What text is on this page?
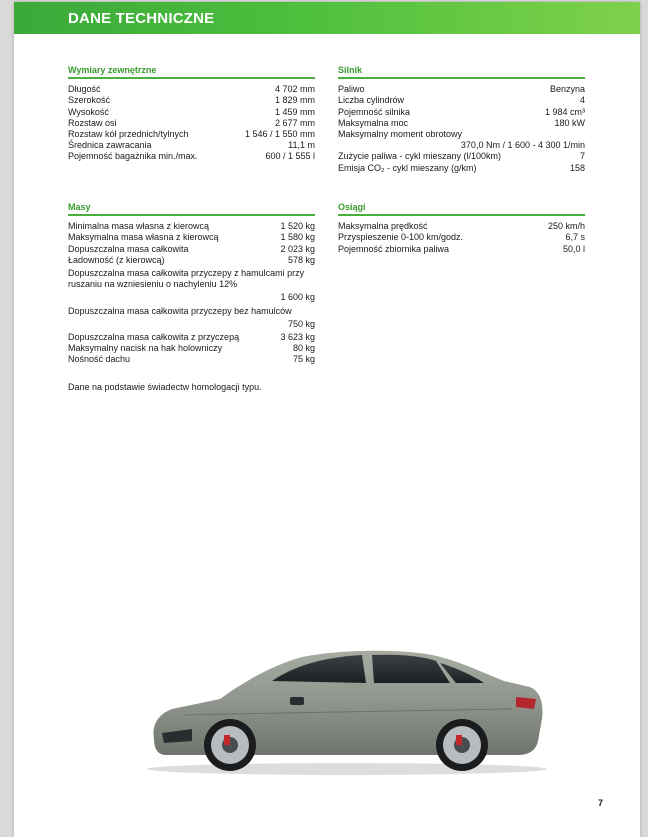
DANE TECHNICZNE
Wymiary zewnętrzne
Długość	4 702 mm
Szerokość	1 829 mm
Wysokość	1 459 mm
Rozstaw osi	2 677 mm
Rozstaw kół przednich/tylnych	1 546 / 1 550 mm
Średnica zawracania	11,1 m
Pojemność bagażnika min./max.	600 / 1 555 l
Silnik
Paliwo	Benzyna
Liczba cylindrów	4
Pojemność silnika	1 984 cm³
Maksymalna moc	180 kW
Maksymalny moment obrotowy
370,0 Nm / 1 600 - 4 300 1/min
Zużycie paliwa - cykl mieszany (l/100km)	7
Emisja CO₂ - cykl mieszany (g/km)	158
Masy
Minimalna masa własna z kierowcą	1 520 kg
Maksymalna masa własna z kierowcą	1 580 kg
Dopuszczalna masa całkowita	2 023 kg
Ładowność (z kierowcą)	578 kg
Dopuszczalna masa całkowita przyczepy z hamulcami przy ruszaniu na wzniesieniu o nachyleniu 12%
1 600 kg
Dopuszczalna masa całkowita przyczepy bez hamulców
750 kg
Dopuszczalna masa całkowita z przyczepą	3 623 kg
Maksymalny nacisk na hak holowniczy	80 kg
Nośność dachu	75 kg
Osiągi
Maksymalna prędkość	250 km/h
Przyspieszenie 0-100 km/godz.	6,7 s
Pojemność zbiornika paliwa	50,0 l
Dane na podstawie świadectw homologacji typu.
7
